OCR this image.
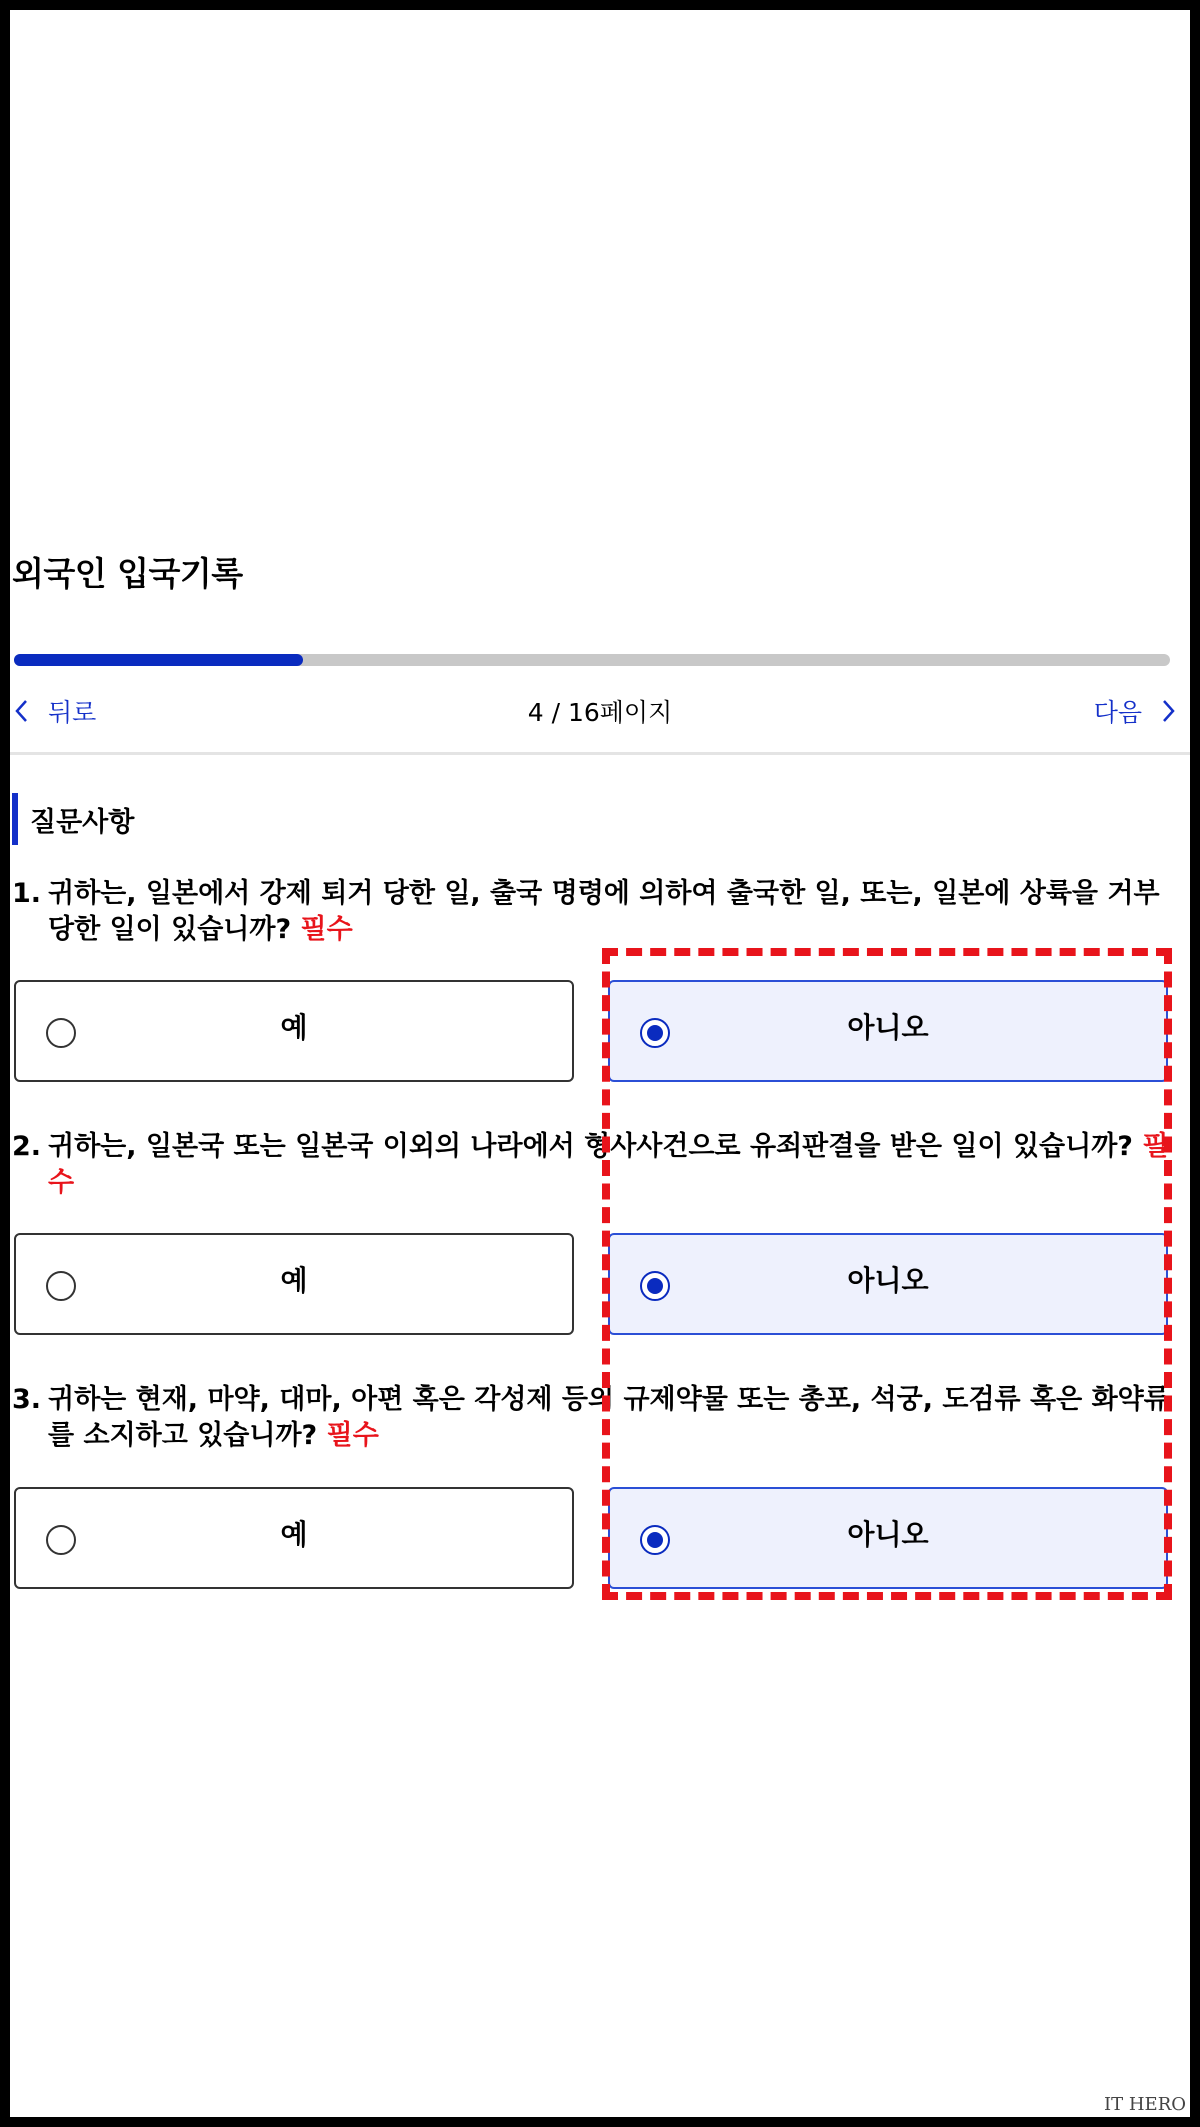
외국인 입국기록
뒤로	4 / 16페이지	다음
질문사항
1. 귀하는, 일본에서 강제 퇴거 당한 일, 출국 명령에 의하여 출국한 일, 또는, 일본에 상륙을 거부 당한 일이 있습니까? 필수
예	아니오
2. 귀하는, 일본국 또는 일본국 이외의 나라에서 형사사건으로 유죄판결을 받은 일이 있습니까? 필수
예	아니오
3. 귀하는 현재, 마약, 대마, 아편 혹은 각성제 등의 규제약물 또는 총포, 석궁, 도검류 혹은 화약류를 소지하고 있습니까? 필수
예	아니오
IT HERO
